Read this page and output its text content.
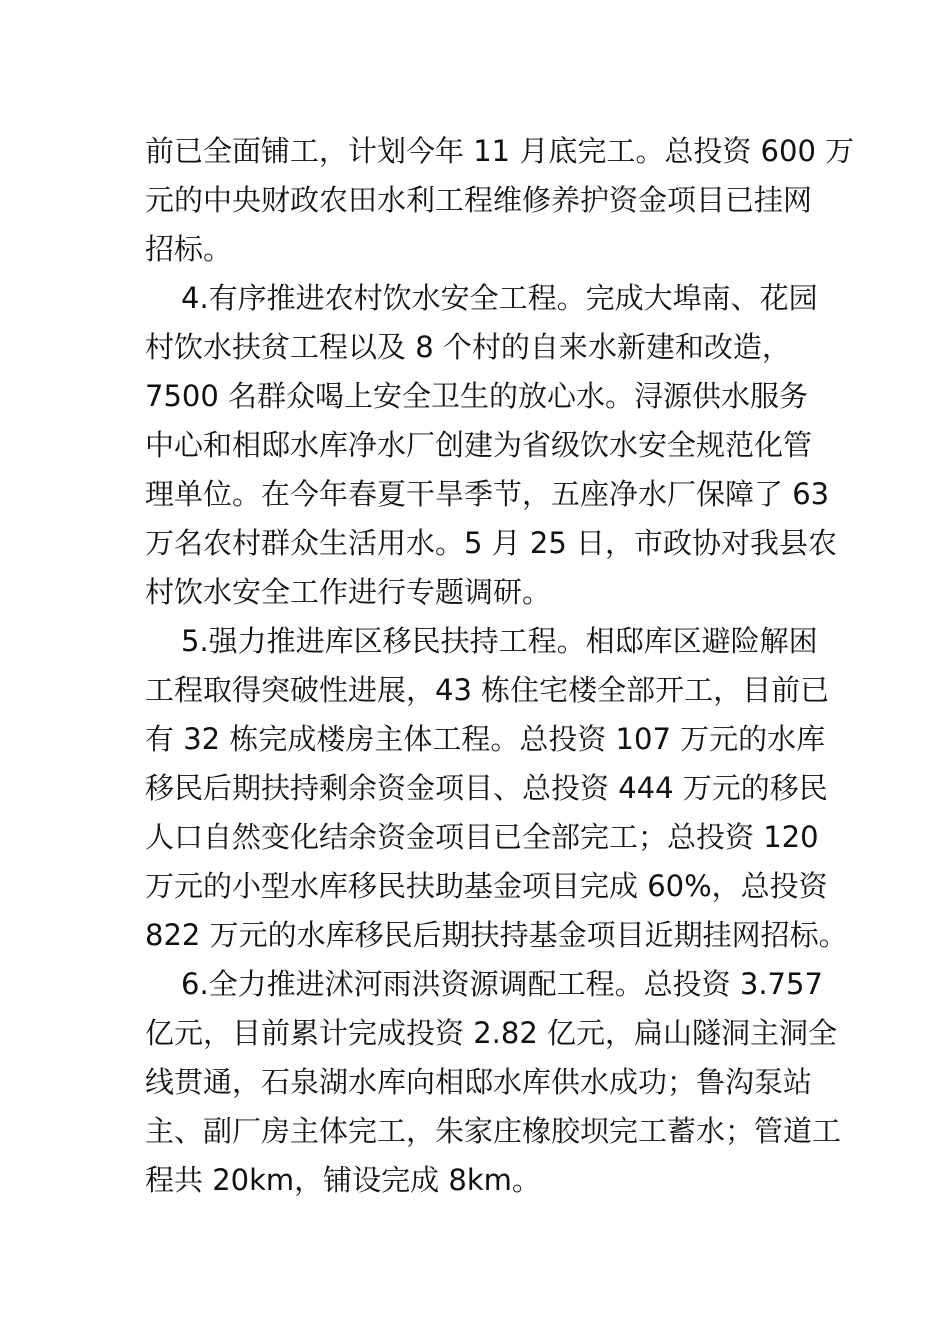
前已全面铺工，计划今年 11 月底完工。总投资 600 万
元的中央财政农田水利工程维修养护资金项目已挂网
招标。
4.有序推进农村饮水安全工程。完成大埠南、花园
村饮水扶贫工程以及 8 个村的自来水新建和改造，
7500 名群众喝上安全卫生的放心水。浔源供水服务
中心和相邸水库净水厂创建为省级饮水安全规范化管
理单位。在今年春夏干旱季节，五座净水厂保障了 63
万名农村群众生活用水。5 月 25 日，市政协对我县农
村饮水安全工作进行专题调研。
5.强力推进库区移民扶持工程。相邸库区避险解困
工程取得突破性进展，43 栋住宅楼全部开工，目前已
有 32 栋完成楼房主体工程。总投资 107 万元的水库
移民后期扶持剩余资金项目、总投资 444 万元的移民
人口自然变化结余资金项目已全部完工；总投资 120
万元的小型水库移民扶助基金项目完成 60%，总投资
822 万元的水库移民后期扶持基金项目近期挂网招标。
6.全力推进沭河雨洪资源调配工程。总投资 3.757
亿元，目前累计完成投资 2.82 亿元，扁山隧洞主洞全
线贯通，石泉湖水库向相邸水库供水成功；鲁沟泵站
主、副厂房主体完工，朱家庄橡胶坝完工蓄水；管道工
程共 20km，铺设完成 8km。
